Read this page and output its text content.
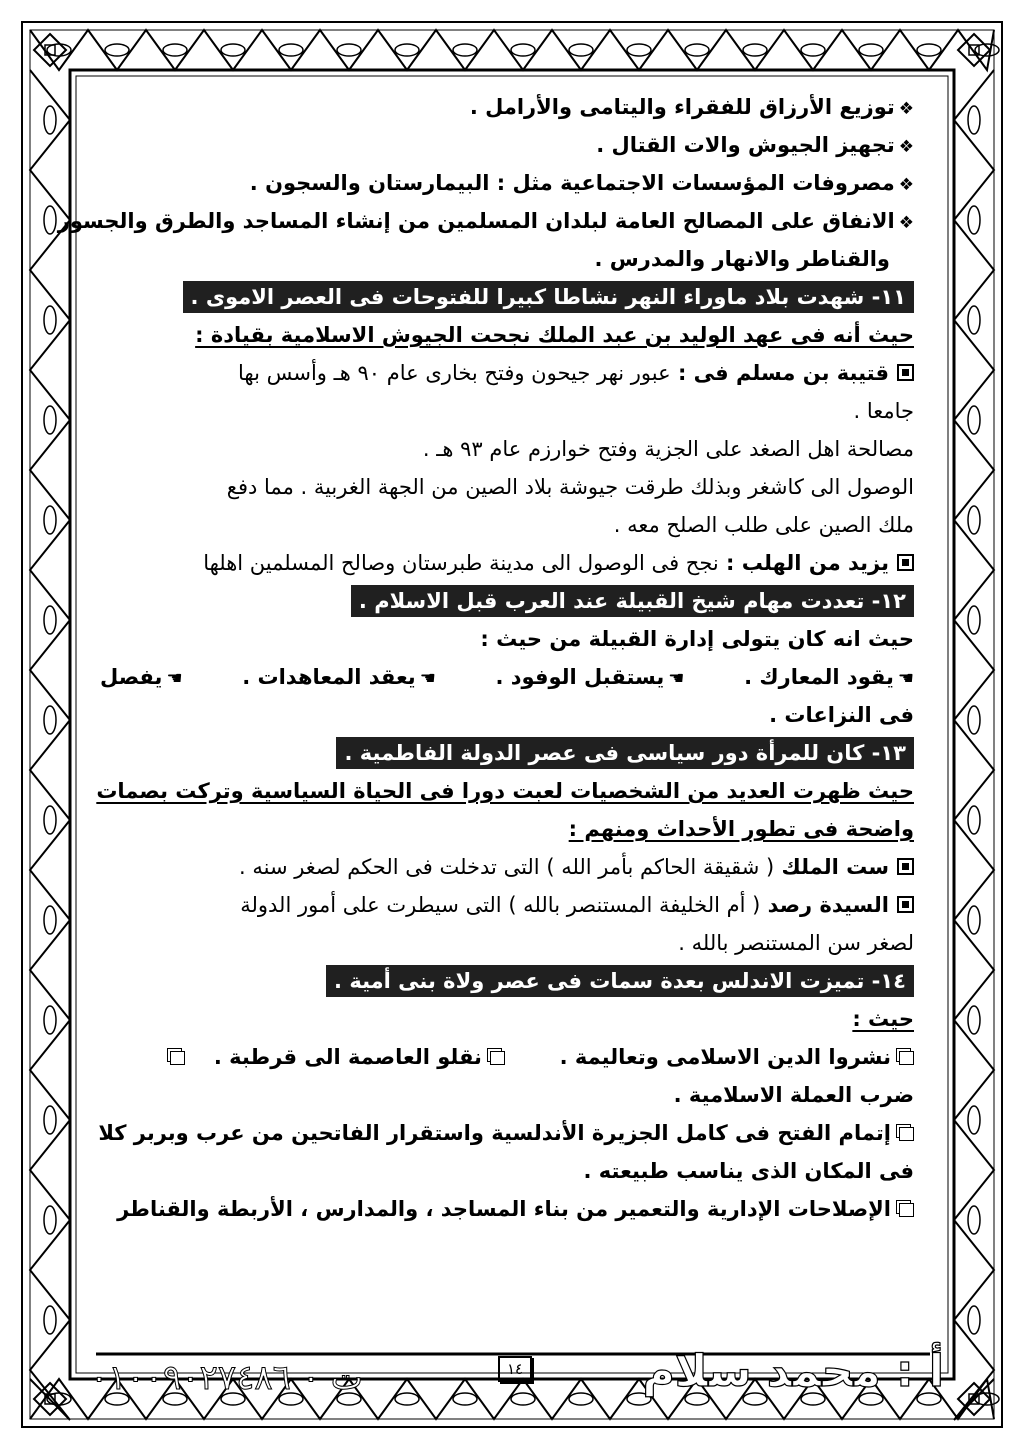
❖توزيع الأرزاق للفقراء واليتامى والأرامل .
❖تجهيز الجيوش والات القتال .
❖مصروفات المؤسسات الاجتماعية مثل : البيمارستان والسجون .
❖الانفاق على المصالح العامة لبلدان المسلمين من إنشاء المساجد والطرق والجسور
والقناطر والانهار والمدرس .
١١- شهدت بلاد ماوراء النهر نشاطا كبيرا للفتوحات فى العصر الاموى .
حيث أنه فى عهد الوليد بن عبد الملك نجحت الجيوش الاسلامية بقيادة :
قتيبة بن مسلم فى : عبور نهر جيحون وفتح بخارى عام ٩٠ هـ وأسس بها
جامعا .
مصالحة اهل الصغد على الجزية وفتح خوارزم عام ٩٣ هـ .
الوصول الى كاشغر وبذلك طرقت جيوشة بلاد الصين من الجهة الغربية . مما دفع
ملك الصين على طلب الصلح معه .
يزيد من الهلب : نجح فى الوصول الى مدينة طبرستان وصالح المسلمين اهلها
١٢- تعددت مهام شيخ القبيلة عند العرب قبل الاسلام .
حيث انه كان يتولى إدارة القبيلة من حيث :
☚يقود المعارك .
☚يستقبل الوفود .
☚يعقد المعاهدات .
☚يفصل
فى النزاعات .
١٣- كان للمرأة دور سياسى فى عصر الدولة الفاطمية .
حيث ظهرت العديد من الشخصيات لعبت دورا فى الحياة السياسية وتركت بصمات
واضحة فى تطور الأحداث ومنهم :
ست الملك ( شقيقة الحاكم بأمر الله ) التى تدخلت فى الحكم لصغر سنه .
السيدة رصد ( أم الخليفة المستنصر بالله ) التى سيطرت على أمور الدولة
لصغر سن المستنصر بالله .
١٤- تميزت الاندلس بعدة سمات فى عصر ولاة بنى أمية .
حيث :
نشروا الدين الاسلامى وتعاليمة .  نقلو العاصمة الى قرطبة .
ضرب العملة الاسلامية .
إتمام الفتح فى كامل الجزيرة الأندلسية واستقرار الفاتحين من عرب وبربر كلا
فى المكان الذى يناسب طبيعته .
الإصلاحات الإدارية والتعمير من بناء المساجد ، والمدارس ، الأربطة والقناطر
أ : محمد سلام
١٤
ت ٠ ٠١٠٠٩٠٢٧٤٨٦
